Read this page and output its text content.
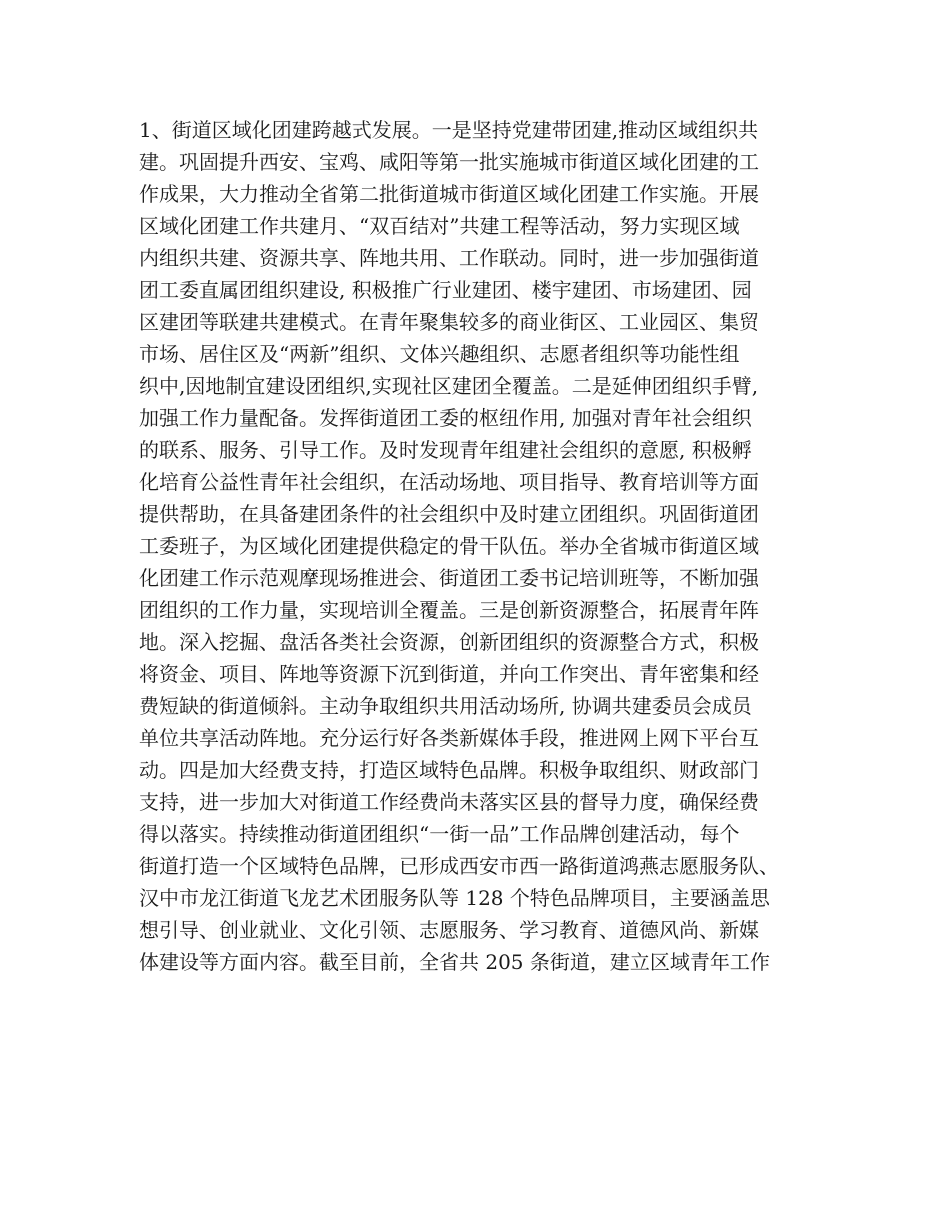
1、街道区域化团建跨越式发展。一是坚持党建带团建,推动区域组织共
建。巩固提升西安、宝鸡、咸阳等第一批实施城市街道区域化团建的工
作成果，大力推动全省第二批街道城市街道区域化团建工作实施。开展
区域化团建工作共建月、“双百结对”共建工程等活动，努力实现区域
内组织共建、资源共享、阵地共用、工作联动。同时，进一步加强街道
团工委直属团组织建设, 积极推广行业建团、楼宇建团、市场建团、园
区建团等联建共建模式。在青年聚集较多的商业街区、工业园区、集贸
市场、居住区及“两新”组织、文体兴趣组织、志愿者组织等功能性组
织中,因地制宜建设团组织,实现社区建团全覆盖。二是延伸团组织手臂,
加强工作力量配备。发挥街道团工委的枢纽作用, 加强对青年社会组织
的联系、服务、引导工作。及时发现青年组建社会组织的意愿, 积极孵
化培育公益性青年社会组织，在活动场地、项目指导、教育培训等方面
提供帮助，在具备建团条件的社会组织中及时建立团组织。巩固街道团
工委班子，为区域化团建提供稳定的骨干队伍。举办全省城市街道区域
化团建工作示范观摩现场推进会、街道团工委书记培训班等，不断加强
团组织的工作力量，实现培训全覆盖。三是创新资源整合，拓展青年阵
地。深入挖掘、盘活各类社会资源，创新团组织的资源整合方式，积极
将资金、项目、阵地等资源下沉到街道，并向工作突出、青年密集和经
费短缺的街道倾斜。主动争取组织共用活动场所, 协调共建委员会成员
单位共享活动阵地。充分运行好各类新媒体手段，推进网上网下平台互
动。四是加大经费支持，打造区域特色品牌。积极争取组织、财政部门
支持，进一步加大对街道工作经费尚未落实区县的督导力度，确保经费
得以落实。持续推动街道团组织“一街一品”工作品牌创建活动，每个
街道打造一个区域特色品牌，已形成西安市西一路街道鸿燕志愿服务队、
汉中市龙江街道飞龙艺术团服务队等 128 个特色品牌项目，主要涵盖思
想引导、创业就业、文化引领、志愿服务、学习教育、道德风尚、新媒
体建设等方面内容。截至目前，全省共 205 条街道，建立区域青年工作
